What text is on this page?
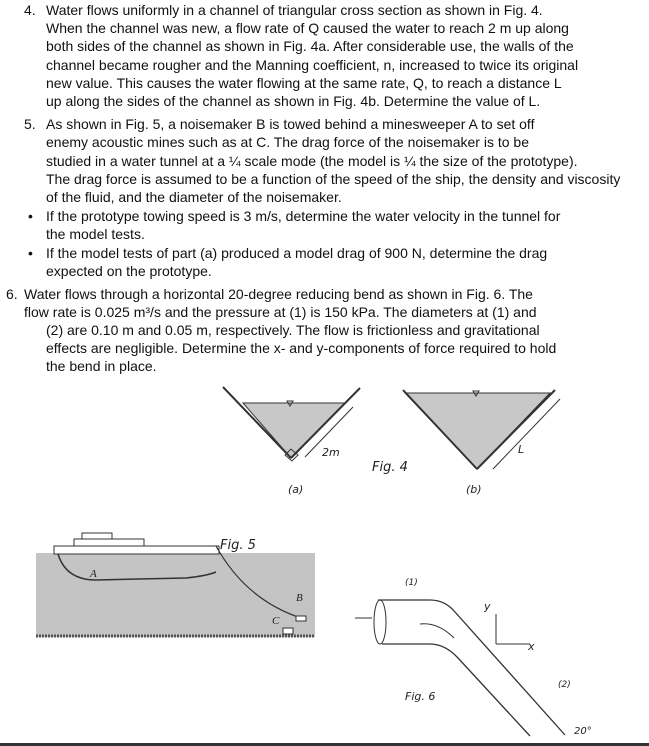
4. Water flows uniformly in a channel of triangular cross section as shown in Fig. 4.
When the channel was new, a flow rate of Q caused the water to reach 2 m up along
both sides of the channel as shown in Fig. 4a. After considerable use, the walls of the
channel became rougher and the Manning coefficient, n, increased to twice its original
new value. This causes the water flowing at the same rate, Q, to reach a distance L
up along the sides of the channel as shown in Fig. 4b. Determine the value of L.
5. As shown in Fig. 5, a noisemaker B is towed behind a minesweeper A to set off
enemy acoustic mines such as at C. The drag force of the noisemaker is to be
studied in a water tunnel at a ¼ scale mode (the model is ¼ the size of the prototype).
The drag force is assumed to be a function of the speed of the ship, the density and viscosity
of the fluid, and the diameter of the noisemaker.
• If the prototype towing speed is 3 m/s, determine the water velocity in the tunnel for
the model tests.
• If the model tests of part (a) produced a model drag of 900 N, determine the drag
expected on the prototype.
6. Water flows through a horizontal 20-degree reducing bend as shown in Fig. 6. The
flow rate is 0.025 m³/s and the pressure at (1) is 150 kPa. The diameters at (1) and
(2) are 0.10 m and 0.05 m, respectively. The flow is frictionless and gravitational
effects are negligible. Determine the x- and y-components of force required to hold
the bend in place.
2m
Fig. 4
(a)
L
(b)
Fig. 5
A
B
C
(1)
y
x
Fig. 6
(2)
20°
